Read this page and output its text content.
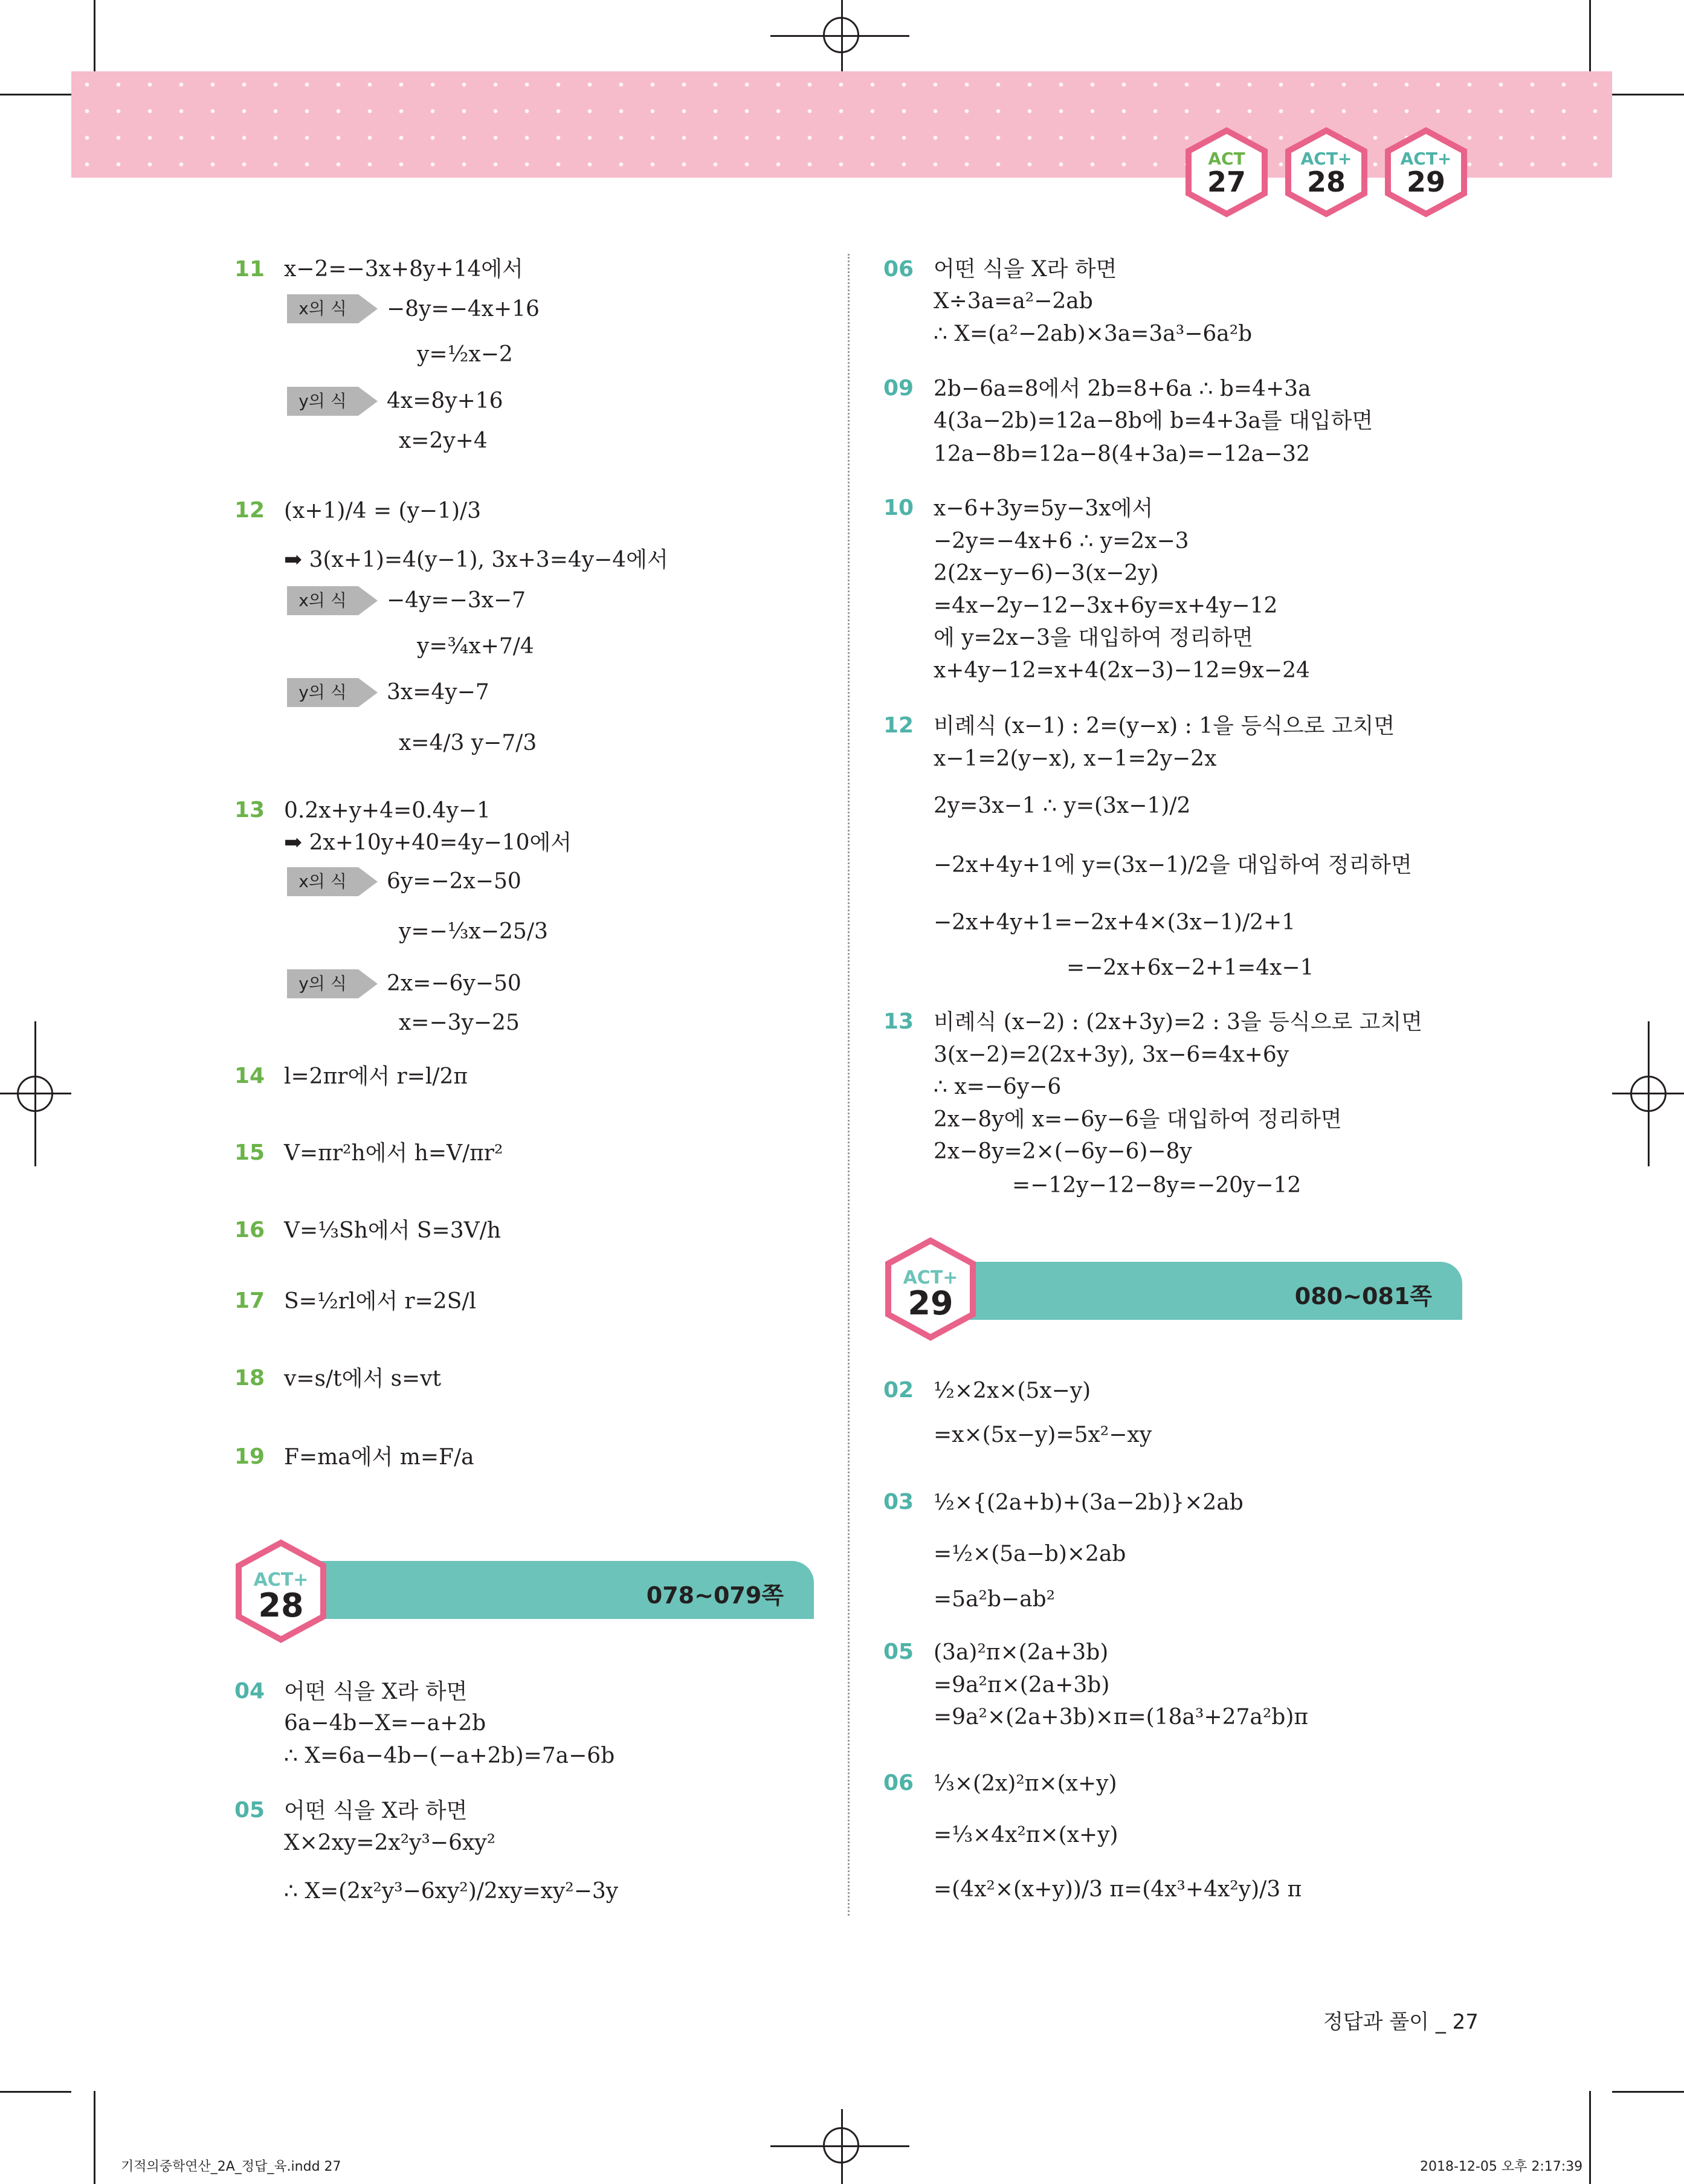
ACT
27
ACT+
28
ACT+
29
11 x−2=−3x+8y+14에서
x의 식	−8y=−4x+16
y=½x−2
y의 식	4x=8y+16
x=2y+4
12 (x+1)/4 = (y−1)/3
➡ 3(x+1)=4(y−1), 3x+3=4y−4에서
x의 식	−4y=−3x−7
y=¾x+7/4
y의 식	3x=4y−7
x=4/3 y−7/3
13 0.2x+y+4=0.4y−1
➡ 2x+10y+40=4y−10에서
x의 식	6y=−2x−50
y=−⅓x−25/3
y의 식	2x=−6y−50
x=−3y−25
14 l=2πr에서 r=l/2π
15 V=πr²h에서 h=V/πr²
16 V=⅓Sh에서 S=3V/h
17 S=½rl에서 r=2S/l
18 v=s/t에서 s=vt
19 F=ma에서 m=F/a
078~079쪽
ACT+
28
04 어떤 식을 X라 하면
6a−4b−X=−a+2b
∴ X=6a−4b−(−a+2b)=7a−6b
05 어떤 식을 X라 하면
X×2xy=2x²y³−6xy²
∴ X=(2x²y³−6xy²)/2xy=xy²−3y
06 어떤 식을 X라 하면
X÷3a=a²−2ab
∴ X=(a²−2ab)×3a=3a³−6a²b
09 2b−6a=8에서 2b=8+6a ∴ b=4+3a
4(3a−2b)=12a−8b에 b=4+3a를 대입하면
12a−8b=12a−8(4+3a)=−12a−32
10 x−6+3y=5y−3x에서
−2y=−4x+6 ∴ y=2x−3
2(2x−y−6)−3(x−2y)
=4x−2y−12−3x+6y=x+4y−12
에 y=2x−3을 대입하여 정리하면
x+4y−12=x+4(2x−3)−12=9x−24
12 비례식 (x−1) : 2=(y−x) : 1을 등식으로 고치면
x−1=2(y−x), x−1=2y−2x
2y=3x−1 ∴ y=(3x−1)/2
−2x+4y+1에 y=(3x−1)/2을 대입하여 정리하면
−2x+4y+1=−2x+4×(3x−1)/2+1
=−2x+6x−2+1=4x−1
13 비례식 (x−2) : (2x+3y)=2 : 3을 등식으로 고치면
3(x−2)=2(2x+3y), 3x−6=4x+6y
∴ x=−6y−6
2x−8y에 x=−6y−6을 대입하여 정리하면
2x−8y=2×(−6y−6)−8y
=−12y−12−8y=−20y−12
080~081쪽
ACT+
29
02 ½×2x×(5x−y)
=x×(5x−y)=5x²−xy
03 ½×{(2a+b)+(3a−2b)}×2ab
=½×(5a−b)×2ab
=5a²b−ab²
05 (3a)²π×(2a+3b)
=9a²π×(2a+3b)
=9a²×(2a+3b)×π=(18a³+27a²b)π
06 ⅓×(2x)²π×(x+y)
=⅓×4x²π×(x+y)
=(4x²×(x+y))/3 π=(4x³+4x²y)/3 π
정답과 풀이 _ 27
기적의중학연산_2A_정답_육.indd 27	2018-12-05 오후 2:17:39
